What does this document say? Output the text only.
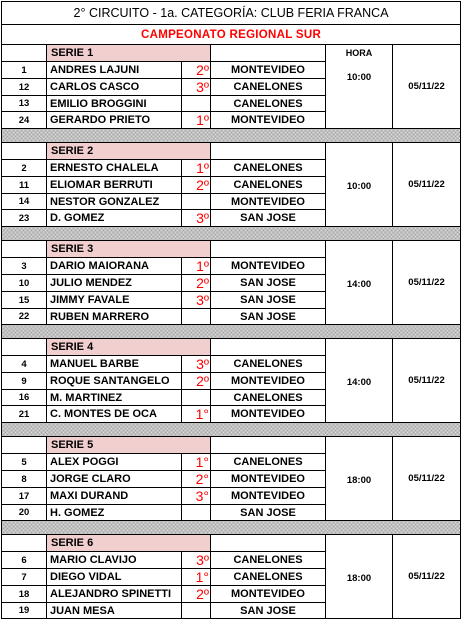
2° CIRCUITO - 1a. CATEGORÍA: CLUB FERIA FRANCA					
CAMPEONATO REGIONAL SUR					
	SERIE 1			HORA
10:00	05/11/22

1	ANDRES LAJUNI	2º	MONTEVIDEO		
12	CARLOS CASCO	3º	CANELONES		
13	EMILIO BROGGINI		CANELONES		
24	GERARDO PRIETO	1º	MONTEVIDEO		

	SERIE 2			10:00	05/11/22

2	ERNESTO CHALELA	1º	CANELONES		
11	ELIOMAR BERRUTI	2º	CANELONES		
14	NESTOR GONZALEZ		MONTEVIDEO		
23	D. GOMEZ	3º	SAN JOSE		

	SERIE 3			14:00	05/11/22

3	DARIO MAIORANA	1º	MONTEVIDEO		
10	JULIO MENDEZ	2º	SAN JOSE		
15	JIMMY FAVALE	3º	SAN JOSE		
22	RUBEN MARRERO		SAN JOSE		

	SERIE 4			14:00	05/11/22

4	MANUEL BARBE	3º	CANELONES		
9	ROQUE SANTANGELO	2º	MONTEVIDEO		
16	M. MARTINEZ		CANELONES		
21	C. MONTES DE OCA	1°	MONTEVIDEO		

	SERIE 5			18:00	05/11/22

5	ALEX POGGI	1°	CANELONES		
8	JORGE CLARO	2°	MONTEVIDEO		
17	MAXI DURAND	3°	MONTEVIDEO		
20	H. GOMEZ		SAN JOSE		

	SERIE 6			18:00	05/11/22

6	MARIO CLAVIJO	3º	CANELONES		
7	DIEGO VIDAL	1°	CANELONES		
18	ALEJANDRO SPINETTI	2º	MONTEVIDEO		
19	JUAN MESA		SAN JOSE		
